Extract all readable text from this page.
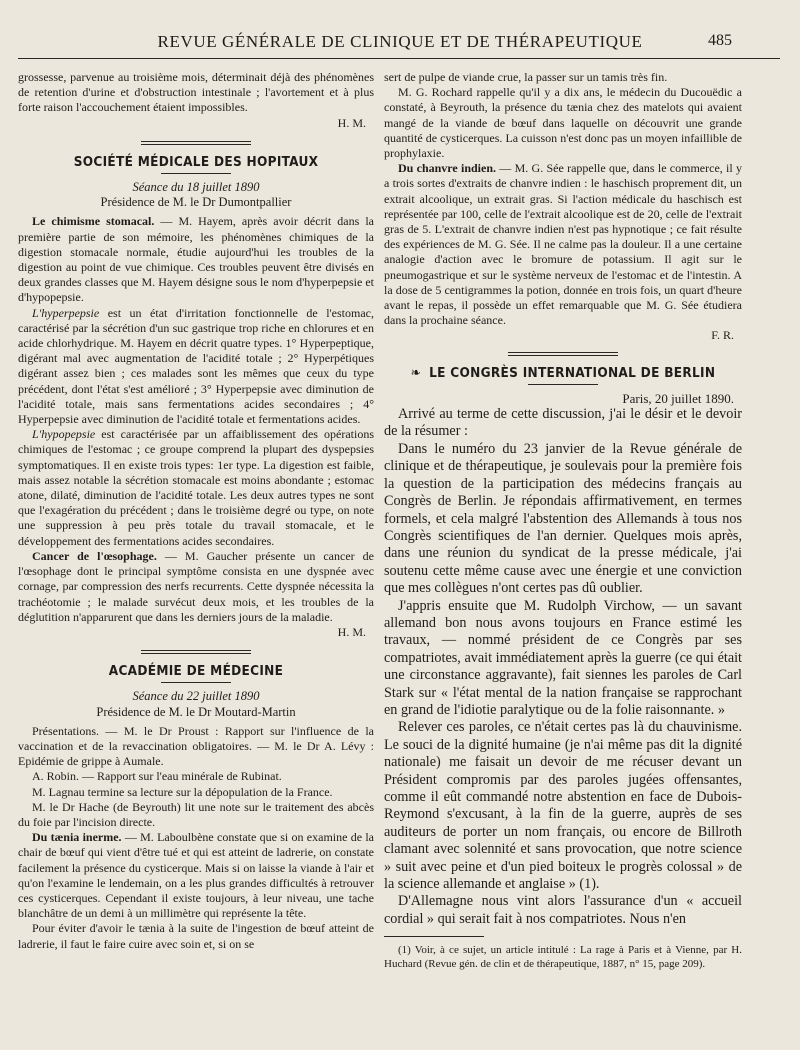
REVUE GÉNÉRALE DE CLINIQUE ET DE THÉRAPEUTIQUE	485

grossesse, parvenue au troisième mois, déterminait déjà des phénomènes de retention d'urine et d'obstruction intestinale ; l'avortement et à plus forte raison l'accouchement étaient impossibles.

H. M.

SOCIÉTÉ MÉDICALE DES HOPITAUX
Séance du 18 juillet 1890
Présidence de M. le Dr Dumontpallier

Le chimisme stomacal. — M. Hayem, après avoir décrit dans la première partie de son mémoire, les phénomènes chimiques de la digestion stomacale normale, étudie aujourd'hui les troubles de la digestion au point de vue chimique. Ces troubles peuvent être divisés en deux grandes classes que M. Hayem désigne sous le nom d'hyperpepsie et d'hypopepsie.

L'hyperpepsie est un état d'irritation fonctionnelle de l'estomac, caractérisé par la sécrétion d'un suc gastrique trop riche en chlorures et en acide chlorhydrique. M. Hayem en décrit quatre types. 1° Hyperpeptique, digérant mal avec augmentation de l'acidité totale ; 2° Hyperpétiques digérant assez bien ; ces malades sont les mêmes que ceux du type précédent, dont l'état s'est amélioré ; 3° Hyperpepsie avec diminution de l'acidité totale, mais sans fermentations acides secondaires ; 4° Hyperpepsie avec diminution de l'acidité totale et fermentations acides.

L'hypopepsie est caractérisée par un affaiblissement des opérations chimiques de l'estomac ; ce groupe comprend la plupart des dyspepsies symptomatiques. Il en existe trois types: 1er type. La digestion est faible, mais assez notable la sécrétion stomacale est moins abondante ; estomac atone, dilaté, diminution de l'acidité totale. Les deux autres types ne sont que l'exagération du précédent ; dans le troisième degré ou type, on note une suppression à peu près totale du travail stomacale, et le développement des fermentations acides secondaires.

Cancer de l'œsophage. — M. Gaucher présente un cancer de l'œsophage dont le principal symptôme consista en une dyspnée avec cornage, par compression des nerfs recurrents. Cette dyspnée nécessita la trachéotomie ; le malade survécut deux mois, et les troubles de la déglutition n'apparurent que dans les derniers jours de la maladie.

H. M.

ACADÉMIE DE MÉDECINE
Séance du 22 juillet 1890
Présidence de M. le Dr Moutard-Martin

Présentations. — M. le Dr Proust : Rapport sur l'influence de la vaccination et de la revaccination obligatoires. — M. le Dr A. Lévy : Epidémie de grippe à Aumale.

A. Robin. — Rapport sur l'eau minérale de Rubinat.

M. Lagnau termine sa lecture sur la dépopulation de la France.

M. le Dr Hache (de Beyrouth) lit une note sur le traitement des abcès du foie par l'incision directe.

Du tænia inerme. — M. Laboulbène constate que si on examine de la chair de bœuf qui vient d'être tué et qui est atteint de ladrerie, on constate facilement la présence du cysticerque. Mais si on laisse la viande à l'air et qu'on l'examine le lendemain, on a les plus grandes difficultés à retrouver ces cysticerques. Cependant il existe toujours, à leur niveau, une tache blanchâtre de un demi à un millimètre qui représente la tête.

Pour éviter d'avoir le tænia à la suite de l'ingestion de bœuf atteint de ladrerie, il faut le faire cuire avec soin et, si on se

sert de pulpe de viande crue, la passer sur un tamis très fin.

M. G. Rochard rappelle qu'il y a dix ans, le médecin du Ducouëdic a constaté, à Beyrouth, la présence du tænia chez des matelots qui avaient mangé de la viande de bœuf dans laquelle on découvrit une grande quantité de cysticerques. La cuisson n'est donc pas un moyen infaillible de prophylaxie.

Du chanvre indien. — M. G. Sée rappelle que, dans le commerce, il y a trois sortes d'extraits de chanvre indien : le haschisch proprement dit, un extrait alcoolique, un extrait gras. Si l'action médicale du haschisch est représentée par 100, celle de l'extrait alcoolique est de 20, celle de l'extrait gras de 5. L'extrait de chanvre indien n'est pas hypnotique ; ce fait résulte des expériences de M. G. Sée. Il ne calme pas la douleur. Il a une certaine analogie d'action avec le bromure de potassium. Il agit sur le pneumogastrique et sur le système nerveux de l'estomac et de l'intestin. A la dose de 5 centigrammes la potion, donnée en trois fois, un quart d'heure avant le repas, il possède un effet remarquable que M. G. Sée étudiera dans la prochaine séance.

F. R.

❧ LE CONGRÈS INTERNATIONAL DE BERLIN

Paris, 20 juillet 1890.

Arrivé au terme de cette discussion, j'ai le désir et le devoir de la résumer :

Dans le numéro du 23 janvier de la Revue générale de clinique et de thérapeutique, je soulevais pour la première fois la question de la participation des médecins français au Congrès de Berlin. Je répondais affirmativement, en termes formels, et cela malgré l'abstention des Allemands à tous nos Congrès scientifiques de l'an dernier. Quelques mois après, dans une réunion du syndicat de la presse médicale, j'ai soutenu cette même cause avec une énergie et une conviction que mes collègues n'ont certes pas dû oublier.

J'appris ensuite que M. Rudolph Virchow, — un savant allemand bon nous avons toujours en France estimé les travaux, — nommé président de ce Congrès par ses compatriotes, avait immédiatement après la guerre (ce qui était une circonstance aggravante), fait siennes les paroles de Carl Stark sur « l'état mental de la nation française se rapprochant en grand de l'idiotie paralytique ou de la folie raisonnante. »

Relever ces paroles, ce n'était certes pas là du chauvinisme. Le souci de la dignité humaine (je n'ai même pas dit la dignité nationale) me faisait un devoir de me récuser devant un Président compromis par des paroles jugées offensantes, comme il eût commandé notre abstention en face de Dubois-Reymond s'excusant, à la fin de la guerre, auprès de ses auditeurs de porter un nom français, ou encore de Billroth clamant avec solennité et sans provocation, que notre science » suit avec peine et d'un pied boiteux le progrès colossal » de la science allemande et anglaise » (1).

D'Allemagne nous vint alors l'assurance d'un « accueil cordial » qui serait fait à nos compatriotes. Nous n'en

(1) Voir, à ce sujet, un article intitulé : La rage à Paris et à Vienne, par H. Huchard (Revue gén. de clin et de thérapeutique, 1887, n° 15, page 209).
